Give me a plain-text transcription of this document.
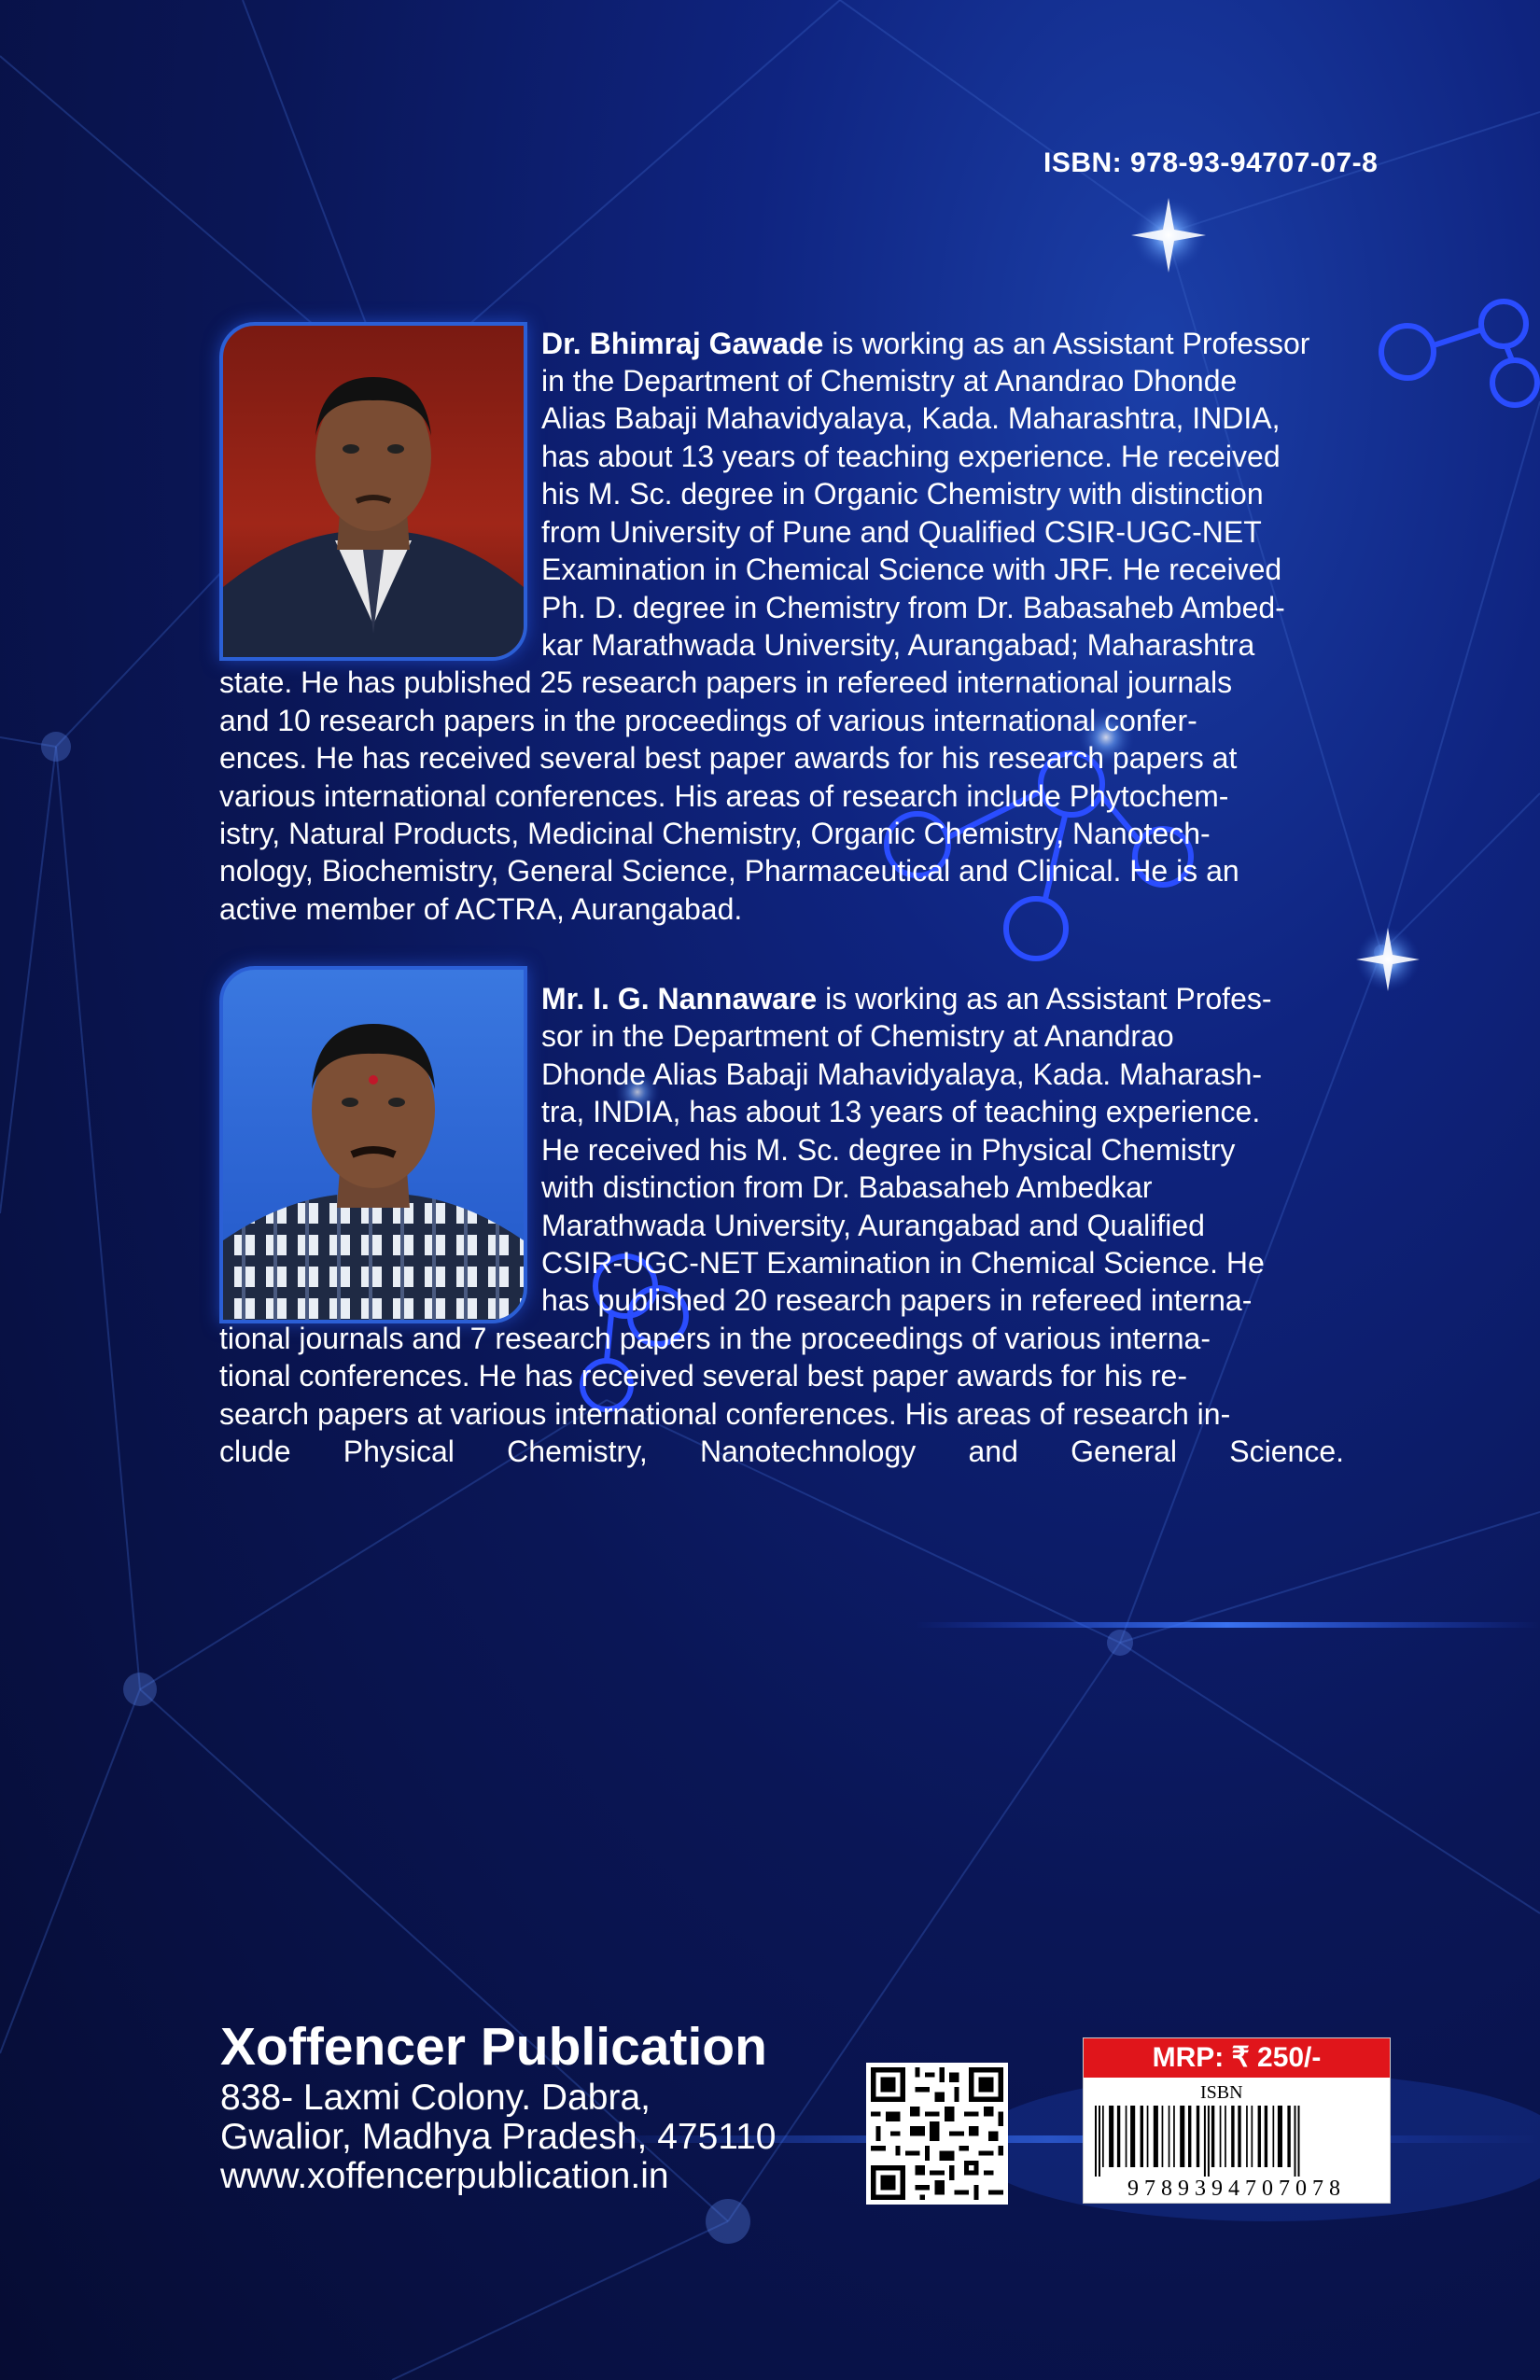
ISBN: 978-93-94707-07-8
Dr. Bhimraj Gawade is working as an Assistant Professor
in the Department of Chemistry at Anandrao Dhonde
Alias Babaji Mahavidyalaya, Kada. Maharashtra, INDIA,
has about 13 years of teaching experience. He received
his M. Sc. degree in Organic Chemistry with distinction
from University of Pune and Qualified CSIR-UGC-NET
Examination in Chemical Science with JRF. He received
Ph. D. degree in Chemistry from Dr. Babasaheb Ambed-
kar Marathwada University, Aurangabad; Maharashtra
state. He has published 25 research papers in refereed international journals
and 10 research papers in the proceedings of various international confer-
ences. He has received several best paper awards for his research papers at
various international conferences. His areas of research include Phytochem-
istry, Natural Products, Medicinal Chemistry, Organic Chemistry, Nanotech-
nology, Biochemistry, General Science, Pharmaceutical and Clinical. He is an
active member of ACTRA, Aurangabad.
Mr. I. G. Nannaware is working as an Assistant Profes-
sor in the Department of Chemistry at Anandrao
Dhonde Alias Babaji Mahavidyalaya, Kada. Maharash-
tra, INDIA, has about 13 years of teaching experience.
He received his M. Sc. degree in Physical Chemistry
with distinction from Dr. Babasaheb Ambedkar
Marathwada University, Aurangabad and Qualified
CSIR-UGC-NET Examination in Chemical Science. He
has published 20 research papers in refereed interna-
tional journals and 7 research papers in the proceedings of various interna-
tional conferences. He has received several best paper awards for his re-
search papers at various international conferences. His areas of research in-
clude Physical Chemistry, Nanotechnology and General Science.
Xoffencer Publication
838- Laxmi Colony. Dabra,
Gwalior, Madhya Pradesh, 475110
www.xoffencerpublication.in
MRP: ₹ 250/-
ISBN
9789394707078
